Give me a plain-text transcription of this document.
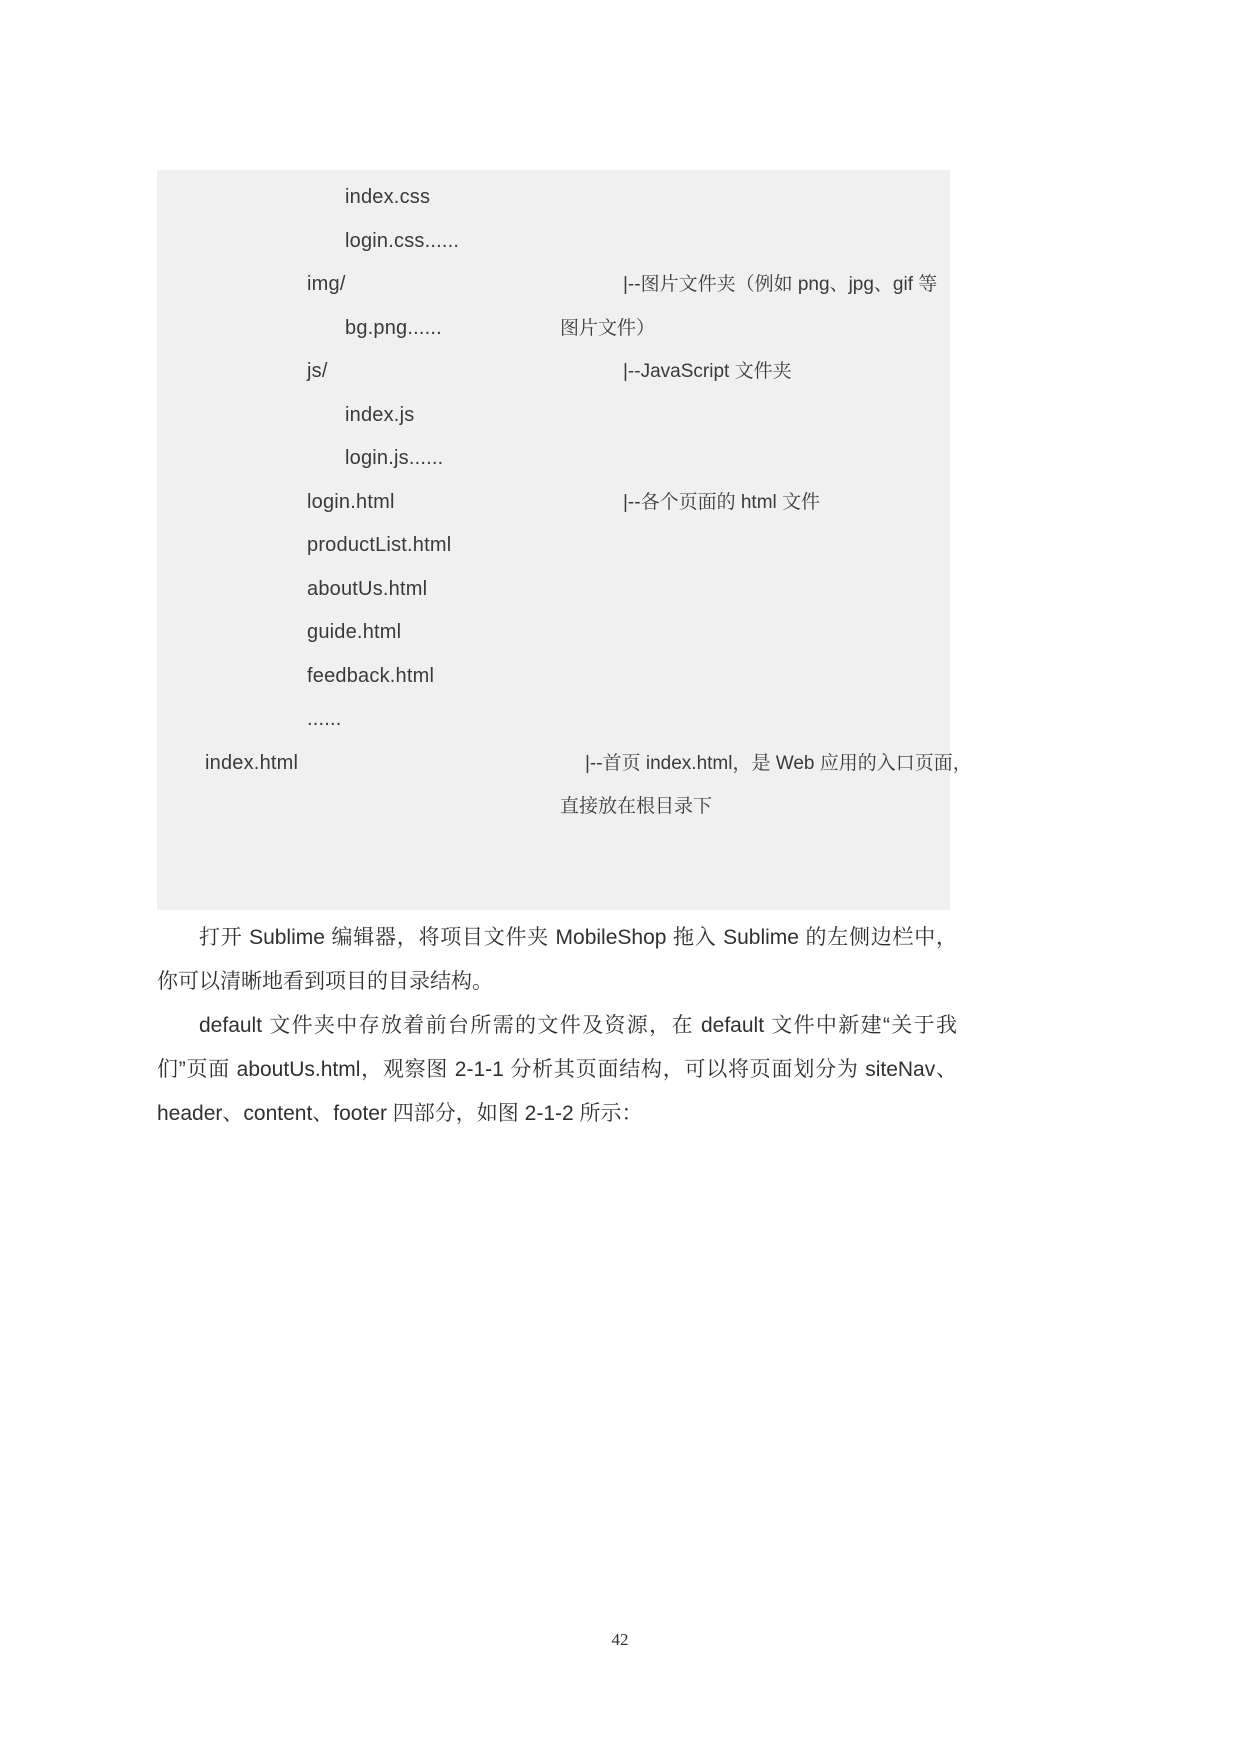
index.css
login.css......
img/	|--图片文件夹（例如 png、jpg、gif 等
bg.png......	图片文件）
js/	|--JavaScript 文件夹
index.js
login.js......
login.html	|--各个页面的 html 文件
productList.html
aboutUs.html
guide.html
feedback.html
......
index.html	|--首页 index.html，是 Web 应用的入口页面，
直接放在根目录下

打开 Sublime 编辑器，将项目文件夹 MobileShop 拖入 Sublime 的左侧边栏中，你可以清晰地看到项目的目录结构。

default 文件夹中存放着前台所需的文件及资源，在 default 文件中新建“关于我们”页面 aboutUs.html，观察图 2-1-1 分析其页面结构，可以将页面划分为 siteNav、header、content、footer 四部分，如图 2-1-2 所示：

42
